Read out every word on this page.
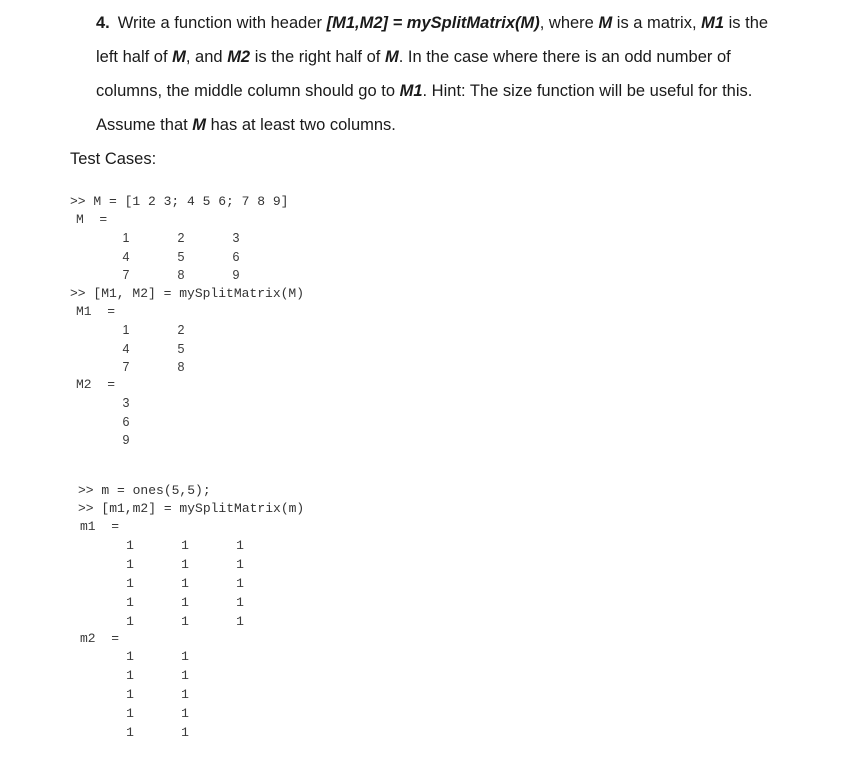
4. Write a function with header [M1,M2] = mySplitMatrix(M), where M is a matrix, M1 is the left half of M, and M2 is the right half of M. In the case where there is an odd number of columns, the middle column should go to M1. Hint: The size function will be useful for this. Assume that M has at least two columns.

Test Cases:

>> M = [1 2 3; 4 5 6; 7 8 9]
M  =
1	2	3
4	5	6
7	8	9
>> [M1, M2] = mySplitMatrix(M)
M1  =
1	2
4	5
7	8
M2  =
3
6
9
>> m = ones(5,5);
>> [m1,m2] = mySplitMatrix(m)
m1  =
1	1	1
1	1	1
1	1	1
1	1	1
1	1	1
m2  =
1	1
1	1
1	1
1	1
1	1
